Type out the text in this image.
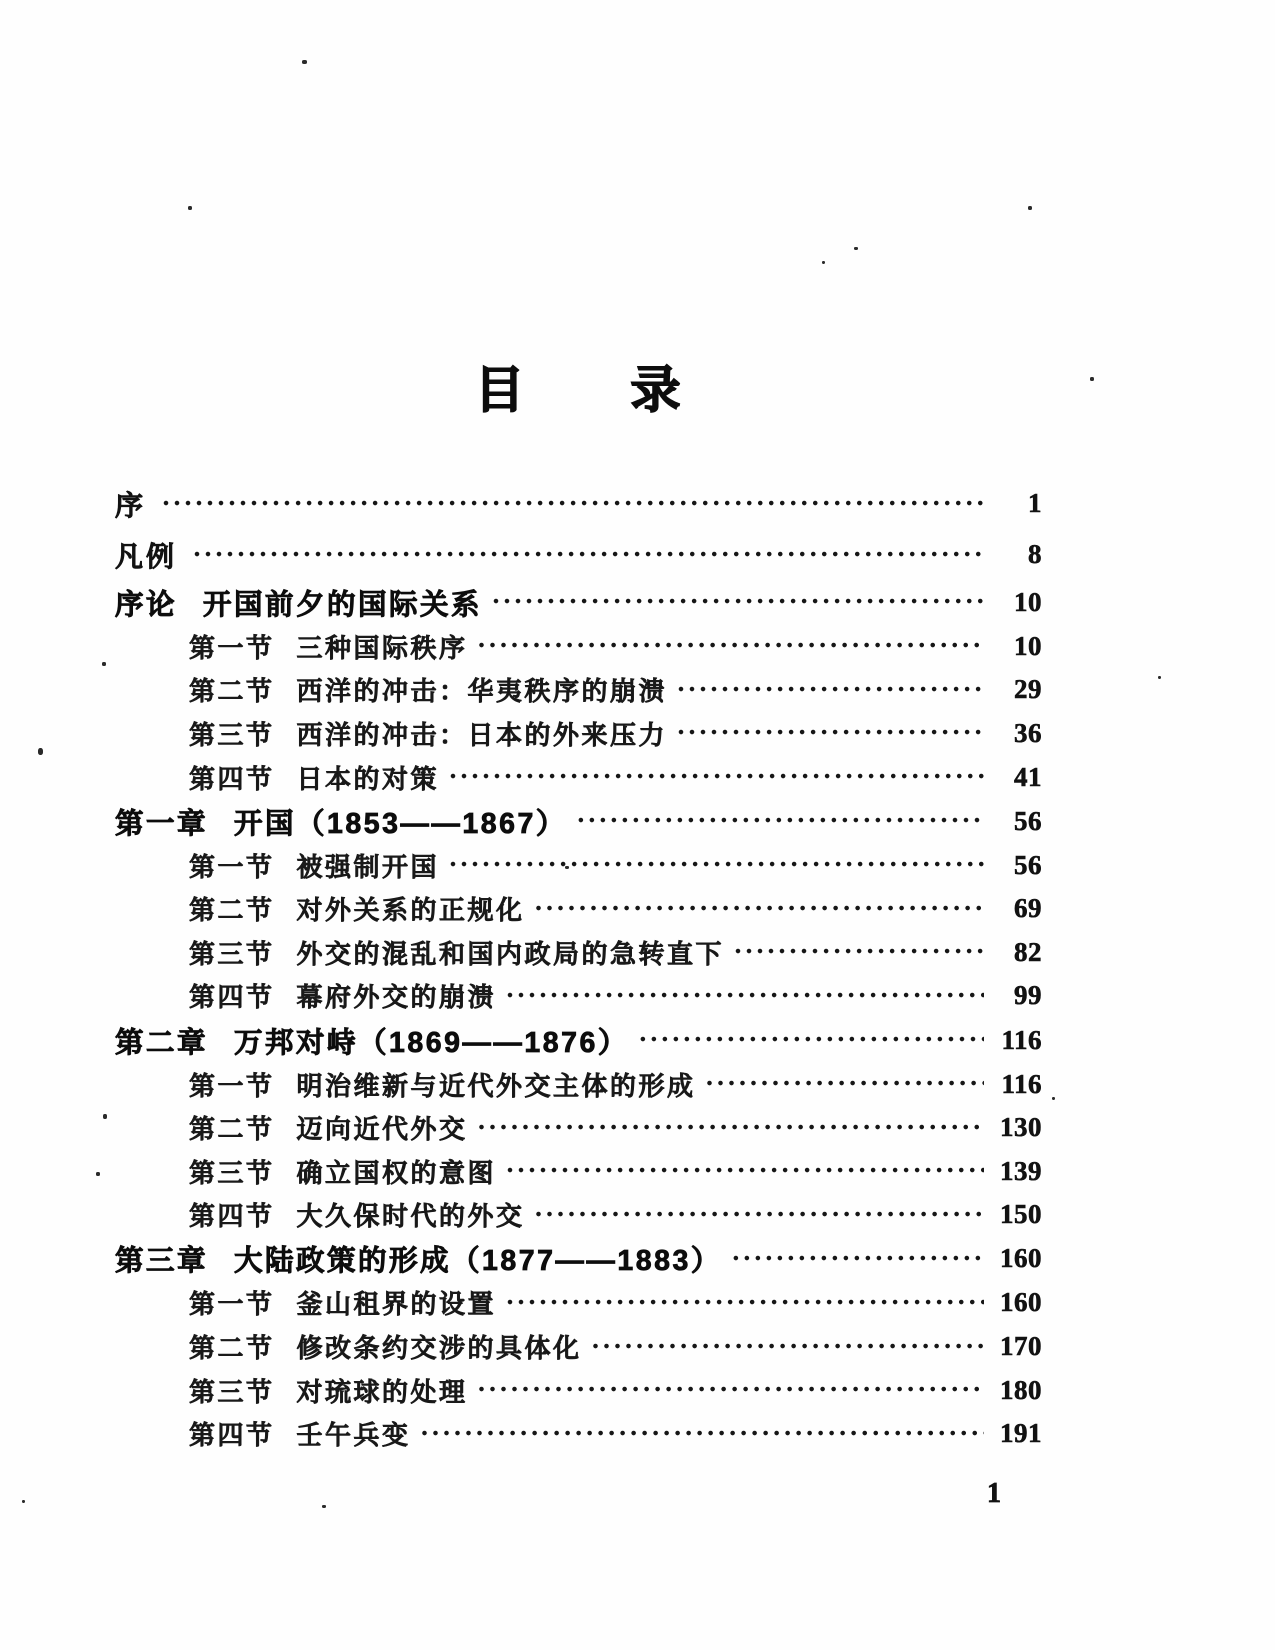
目　　录
序 ·····	1
凡例 ·····	8
序论 开国前夕的国际关系 ·····	10
第一节 三种国际秩序 ·····	10
第二节 西洋的冲击：华夷秩序的崩溃 ·····	29
第三节 西洋的冲击：日本的外来压力 ·····	36
第四节 日本的对策 ·····	41
第一章 开国（1853——1867） ·····	56
第一节 被强制开国 ·····	56
第二节 对外关系的正规化 ·····	69
第三节 外交的混乱和国内政局的急转直下 ·····	82
第四节 幕府外交的崩溃 ·····	99
第二章 万邦对峙（1869——1876） ·····	116
第一节 明治维新与近代外交主体的形成 ·····	116
第二节 迈向近代外交 ·····	130
第三节 确立国权的意图 ·····	139
第四节 大久保时代的外交 ·····	150
第三章 大陆政策的形成（1877——1883） ·····	160
第一节 釜山租界的设置 ·····	160
第二节 修改条约交涉的具体化 ·····	170
第三节 对琉球的处理 ·····	180
第四节 壬午兵变 ·····	191
1
